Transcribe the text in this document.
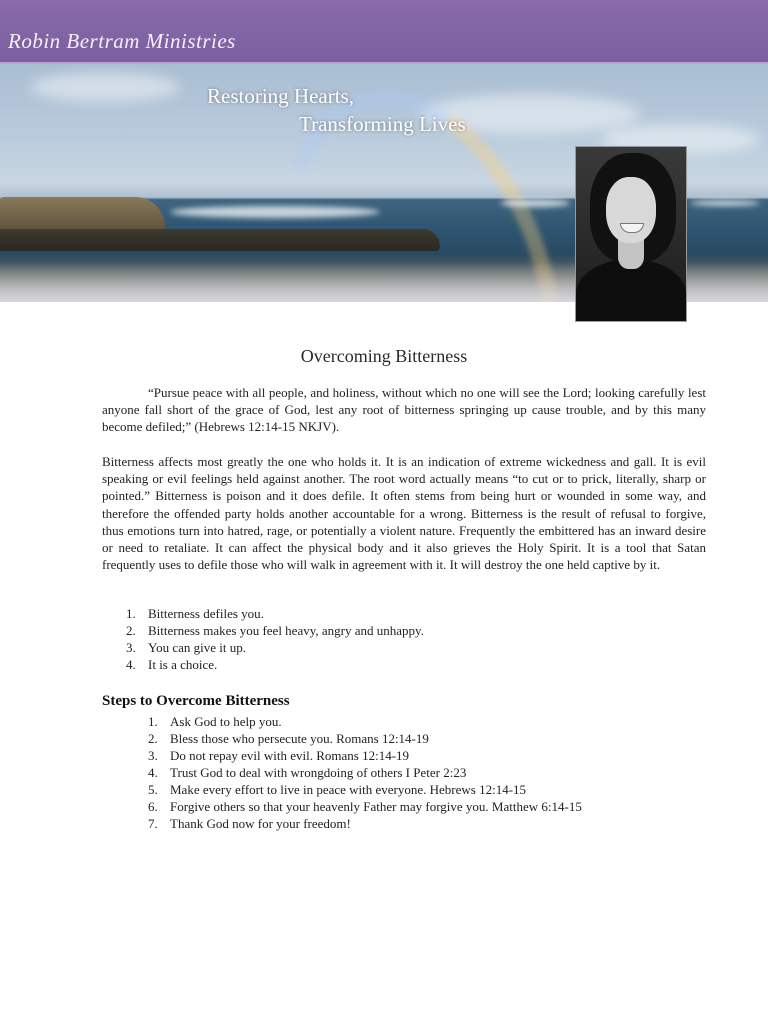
Robin Bertram Ministries
Restoring Hearts,
Transforming Lives
Overcoming Bitterness

“Pursue peace with all people, and holiness, without which no one will see the Lord; looking carefully lest anyone fall short of the grace of God, lest any root of bitterness springing up cause trouble, and by this many become defiled;” (Hebrews 12:14-15 NKJV).

Bitterness affects most greatly the one who holds it. It is an indication of extreme wickedness and gall. It is evil speaking or evil feelings held against another. The root word actually means “to cut or to prick, literally, sharp or pointed.” Bitterness is poison and it does defile. It often stems from being hurt or wounded in some way, and therefore the offended party holds another accountable for a wrong. Bitterness is the result of refusal to forgive, thus emotions turn into hatred, rage, or potentially a violent nature. Frequently the embittered has an inward desire or need to retaliate. It can affect the physical body and it also grieves the Holy Spirit. It is a tool that Satan frequently uses to defile those who will walk in agreement with it. It will destroy the one held captive by it.

1. Bitterness defiles you.
2. Bitterness makes you feel heavy, angry and unhappy.
3. You can give it up.
4. It is a choice.
Steps to Overcome Bitterness
1. Ask God to help you.
2. Bless those who persecute you. Romans 12:14-19
3. Do not repay evil with evil. Romans 12:14-19
4. Trust God to deal with wrongdoing of others I Peter 2:23
5. Make every effort to live in peace with everyone. Hebrews 12:14-15
6. Forgive others so that your heavenly Father may forgive you. Matthew 6:14-15
7. Thank God now for your freedom!
